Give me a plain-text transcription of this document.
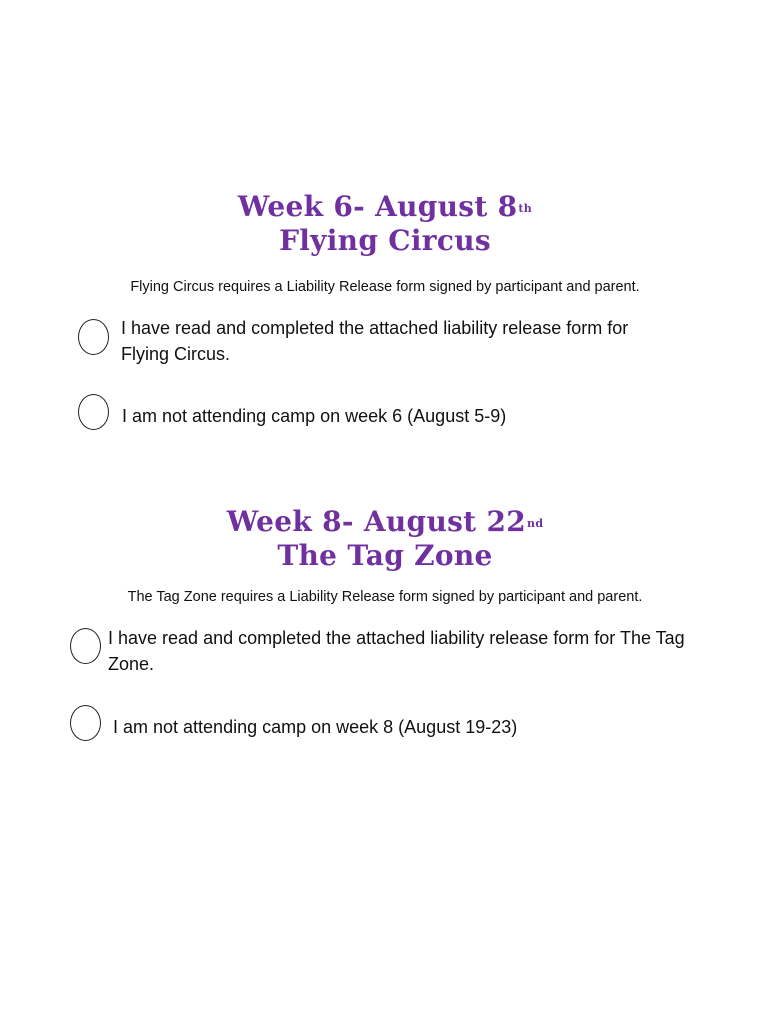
Week 6- August 8th
Flying Circus
Flying Circus requires a Liability Release form signed by participant and parent.
I have read and completed the attached liability release form for Flying Circus.
I am not attending camp on week 6 (August 5-9)
Week 8- August 22nd
The Tag Zone
The Tag Zone requires a Liability Release form signed by participant and parent.
I have read and completed the attached liability release form for The Tag Zone.
I am not attending camp on week 8 (August 19-23)
